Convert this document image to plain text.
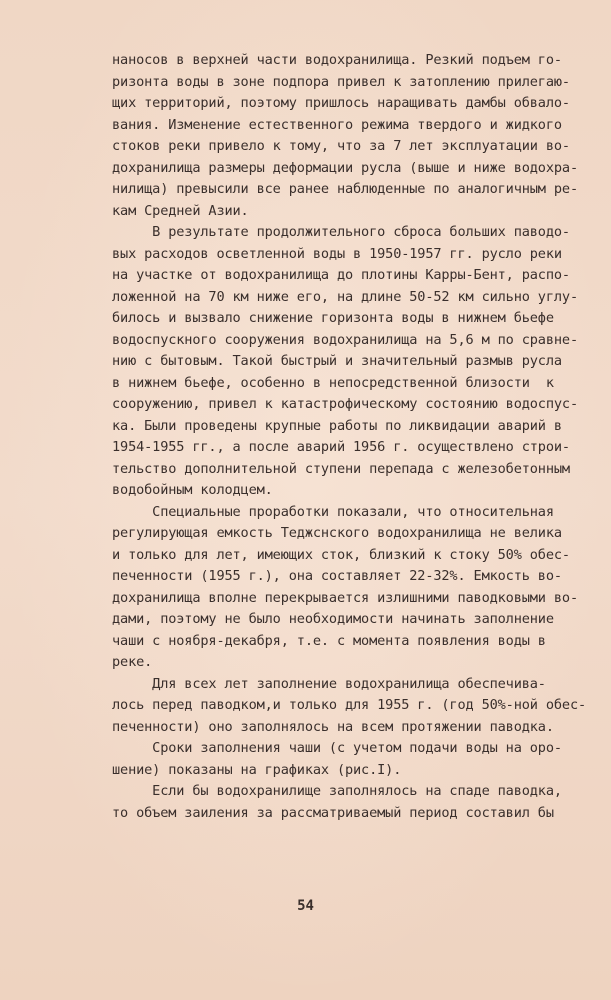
наносов в верхней части водохранилища. Резкий подъем го-
ризонта воды в зоне подпора привел к затоплению прилегаю-
щих территорий, поэтому пришлось наращивать дамбы обвало-
вания. Изменение естественного режима твердого и жидкого
стоков реки привело к тому, что за 7 лет эксплуатации во-
дохранилища размеры деформации русла (выше и ниже водохра-
нилища) превысили все ранее наблюденные по аналогичным ре-
кам Средней Азии.
В результате продолжительного сброса больших паводо-
вых расходов осветленной воды в 1950-1957 гг. русло реки
на участке от водохранилища до плотины Карры-Бент, распо-
ложенной на 70 км ниже его, на длине 50-52 км сильно углу-
билось и вызвало снижение горизонта воды в нижнем бьефе
водоспускного сооружения водохранилища на 5,6 м по сравне-
нию с бытовым. Такой быстрый и значительный размыв русла
в нижнем бьефе, особенно в непосредственной близости  к
сооружению, привел к катастрофическому состоянию водоспус-
ка. Были проведены крупные работы по ликвидации аварий в
1954-1955 гг., а после аварий 1956 г. осуществлено строи-
тельство дополнительной ступени перепада с железобетонным
водобойным колодцем.
Специальные проработки показали, что относительная
регулирующая емкость Теджснского водохранилища не велика
и только для лет, имеющих сток, близкий к стоку 50% обес-
печенности (1955 г.), она составляет 22-32%. Емкость во-
дохранилища вполне перекрывается излишними паводковыми во-
дами, поэтому не было необходимости начинать заполнение
чаши с ноября-декабря, т.е. с момента появления воды в
реке.
Для всех лет заполнение водохранилища обеспечива-
лось перед паводком,и только для 1955 г. (год 50%-ной обес-
печенности) оно заполнялось на всем протяжении паводка.
Сроки заполнения чаши (с учетом подачи воды на оро-
шение) показаны на графиках (рис.I).
Если бы водохранилище заполнялось на спаде паводка,
то объем заиления за рассматриваемый период составил бы
54
